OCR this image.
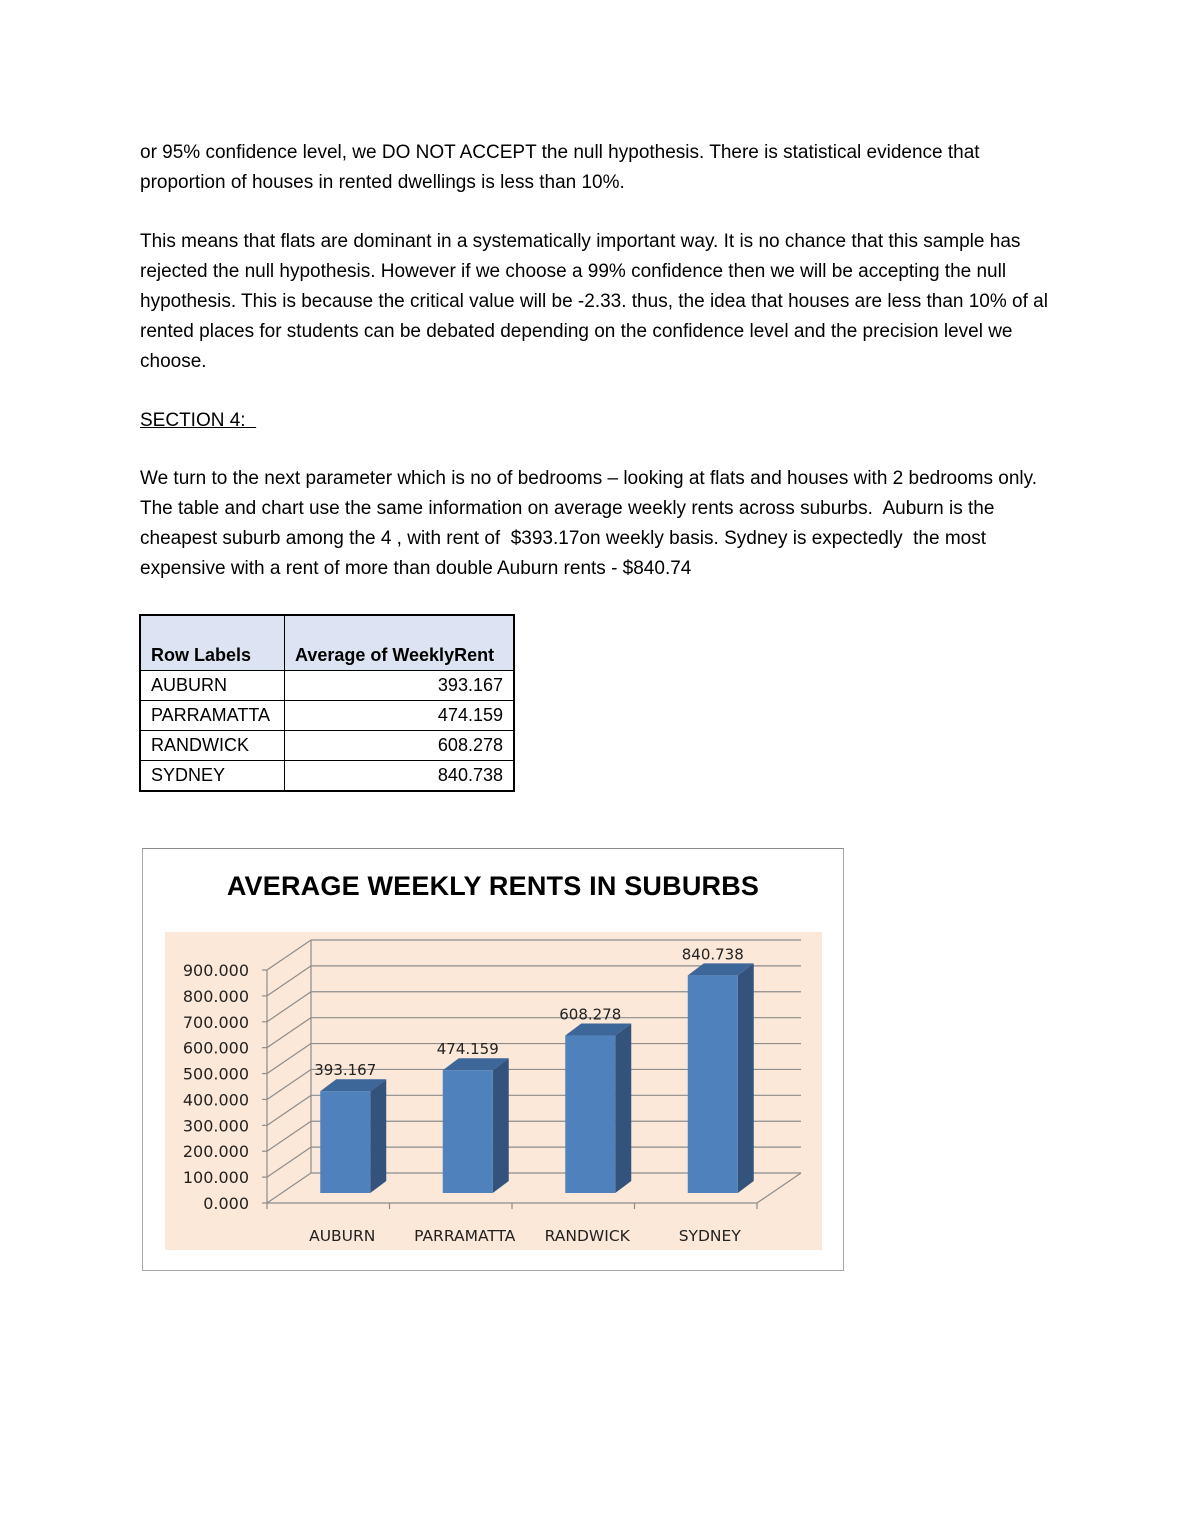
or 95% confidence level, we DO NOT ACCEPT the null hypothesis. There is statistical evidence that proportion of houses in rented dwellings is less than 10%.

This means that flats are dominant in a systematically important way. It is no chance that this sample has rejected the null hypothesis. However if we choose a 99% confidence then we will be accepting the null hypothesis. This is because the critical value will be -2.33. thus, the idea that houses are less than 10% of al rented places for students can be debated depending on the confidence level and the precision level we choose.

SECTION 4:

We turn to the next parameter which is no of bedrooms – looking at flats and houses with 2 bedrooms only. The table and chart use the same information on average weekly rents across suburbs.  Auburn is the cheapest suburb among the 4 , with rent of  $393.17on weekly basis. Sydney is expectedly  the most expensive with a rent of more than double Auburn rents - $840.74

Row Labels	Average of WeeklyRent
AUBURN	393.167
PARRAMATTA	474.159
RANDWICK	608.278
SYDNEY	840.738
AVERAGE WEEKLY RENTS IN SUBURBS
0.000
100.000
200.000
300.000
400.000
500.000
600.000
700.000
800.000
900.000
393.167
AUBURN
474.159
PARRAMATTA
608.278
RANDWICK
840.738
SYDNEY
